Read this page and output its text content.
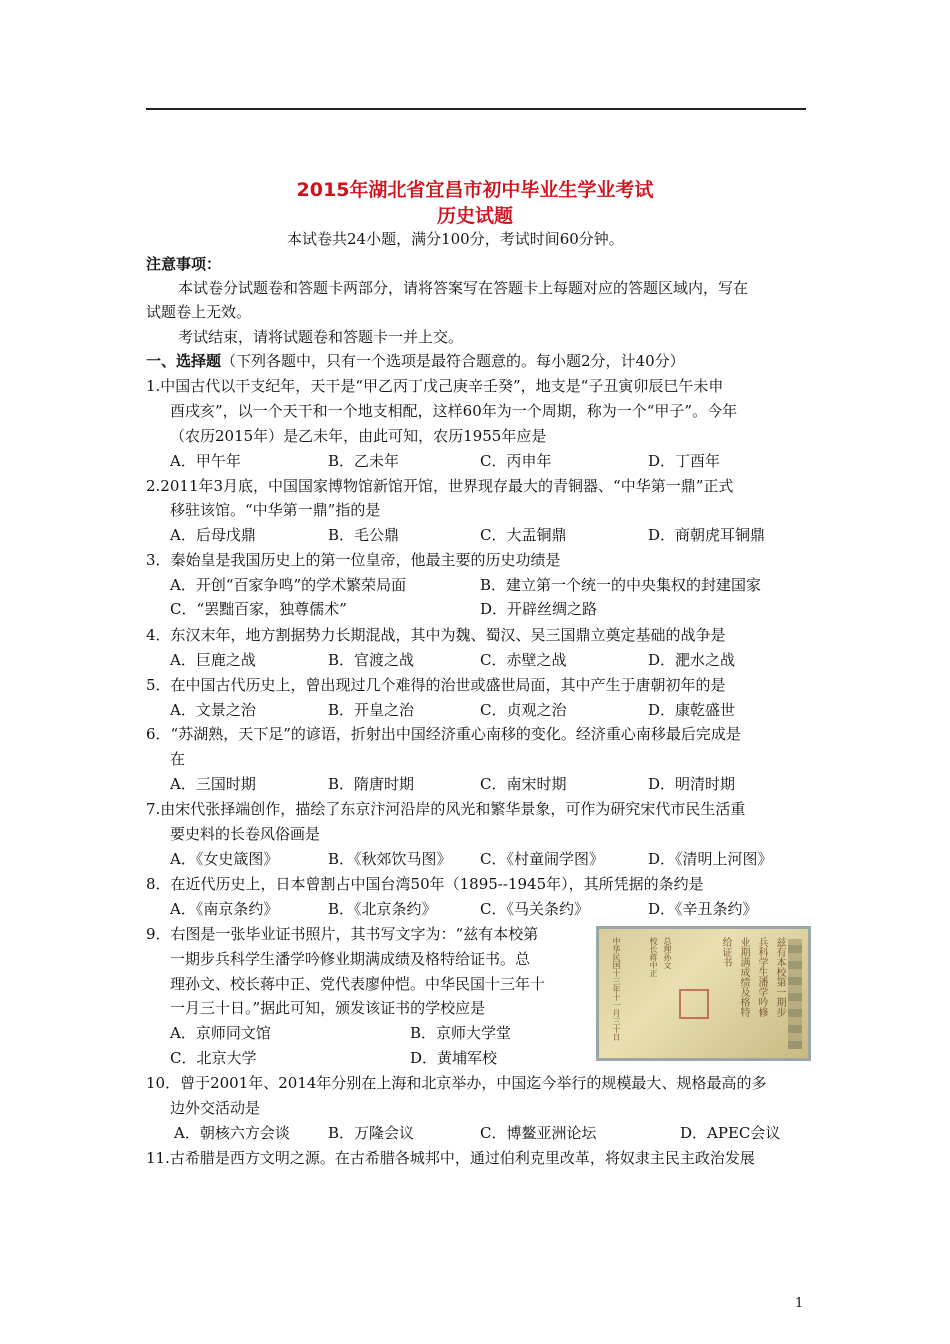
2015年湖北省宜昌市初中毕业生学业考试
历史试题
本试卷共24小题，满分100分，考试时间60分钟。
注意事项：
本试卷分试题卷和答题卡两部分，请将答案写在答题卡上每题对应的答题区域内，写在
试题卷上无效。
考试结束，请将试题卷和答题卡一并上交。
一、选择题（下列各题中，只有一个选项是最符合题意的。每小题2分，计40分）
1.中国古代以干支纪年，天干是“甲乙丙丁戊己庚辛壬癸”，地支是“子丑寅卯辰巳午未申
酉戌亥”，以一个天干和一个地支相配，这样60年为一个周期，称为一个“甲子”。今年
（农历2015年）是乙未年，由此可知，农历1955年应是
A．甲午年	B．乙未年	C．丙申年	D．丁酉年
2.2011年3月底，中国国家博物馆新馆开馆，世界现存最大的青铜器、“中华第一鼎”正式
移驻该馆。“中华第一鼎”指的是
A．后母戊鼎	B．毛公鼎	C．大盂铜鼎	D．商朝虎耳铜鼎
3．秦始皇是我国历史上的第一位皇帝，他最主要的历史功绩是
A．开创“百家争鸣”的学术繁荣局面	B．建立第一个统一的中央集权的封建国家
C．“罢黜百家，独尊儒术”	D．开辟丝绸之路
4．东汉末年，地方割据势力长期混战，其中为魏、蜀汉、吴三国鼎立奠定基础的战争是
A．巨鹿之战	B．官渡之战	C．赤壁之战	D．淝水之战
5．在中国古代历史上，曾出现过几个难得的治世或盛世局面，其中产生于唐朝初年的是
A．文景之治	B．开皇之治	C．贞观之治	D．康乾盛世
6．“苏湖熟，天下足”的谚语，折射出中国经济重心南移的变化。经济重心南移最后完成是
在
A．三国时期	B．隋唐时期	C．南宋时期	D．明清时期
7.由宋代张择端创作，描绘了东京汴河沿岸的风光和繁华景象，可作为研究宋代市民生活重
要史料的长卷风俗画是
A．《女史箴图》	B．《秋郊饮马图》 C．《村童闹学图》	D．《清明上河图》
8．在近代历史上，日本曾割占中国台湾50年（1895--1945年），其所凭据的条约是
A．《南京条约》	B．《北京条约》	C．《马关条约》	D．《辛丑条约》
9．右图是一张毕业证书照片，其书写文字为：“兹有本校第
一期步兵科学生潘学吟修业期满成绩及格特给证书。总
理孙文、校长蒋中正、党代表廖仲恺。中华民国十三年十
一月三十日。”据此可知，颁发该证书的学校应是
A．京师同文馆	B．京师大学堂
C．北京大学	D．黄埔军校
兹有本校第一期步
兵科学生潘学吟修
业期满成绩及格特
给证书
总理孙文
校长蒋中正
中华民国十三年十一月三十日
10．曾于2001年、2014年分别在上海和北京举办，中国迄今举行的规模最大、规格最高的多
边外交活动是
A．朝核六方会谈	B．万隆会议	C．博鳌亚洲论坛	D．APEC会议
11.古希腊是西方文明之源。在古希腊各城邦中，通过伯利克里改革，将奴隶主民主政治发展
1
